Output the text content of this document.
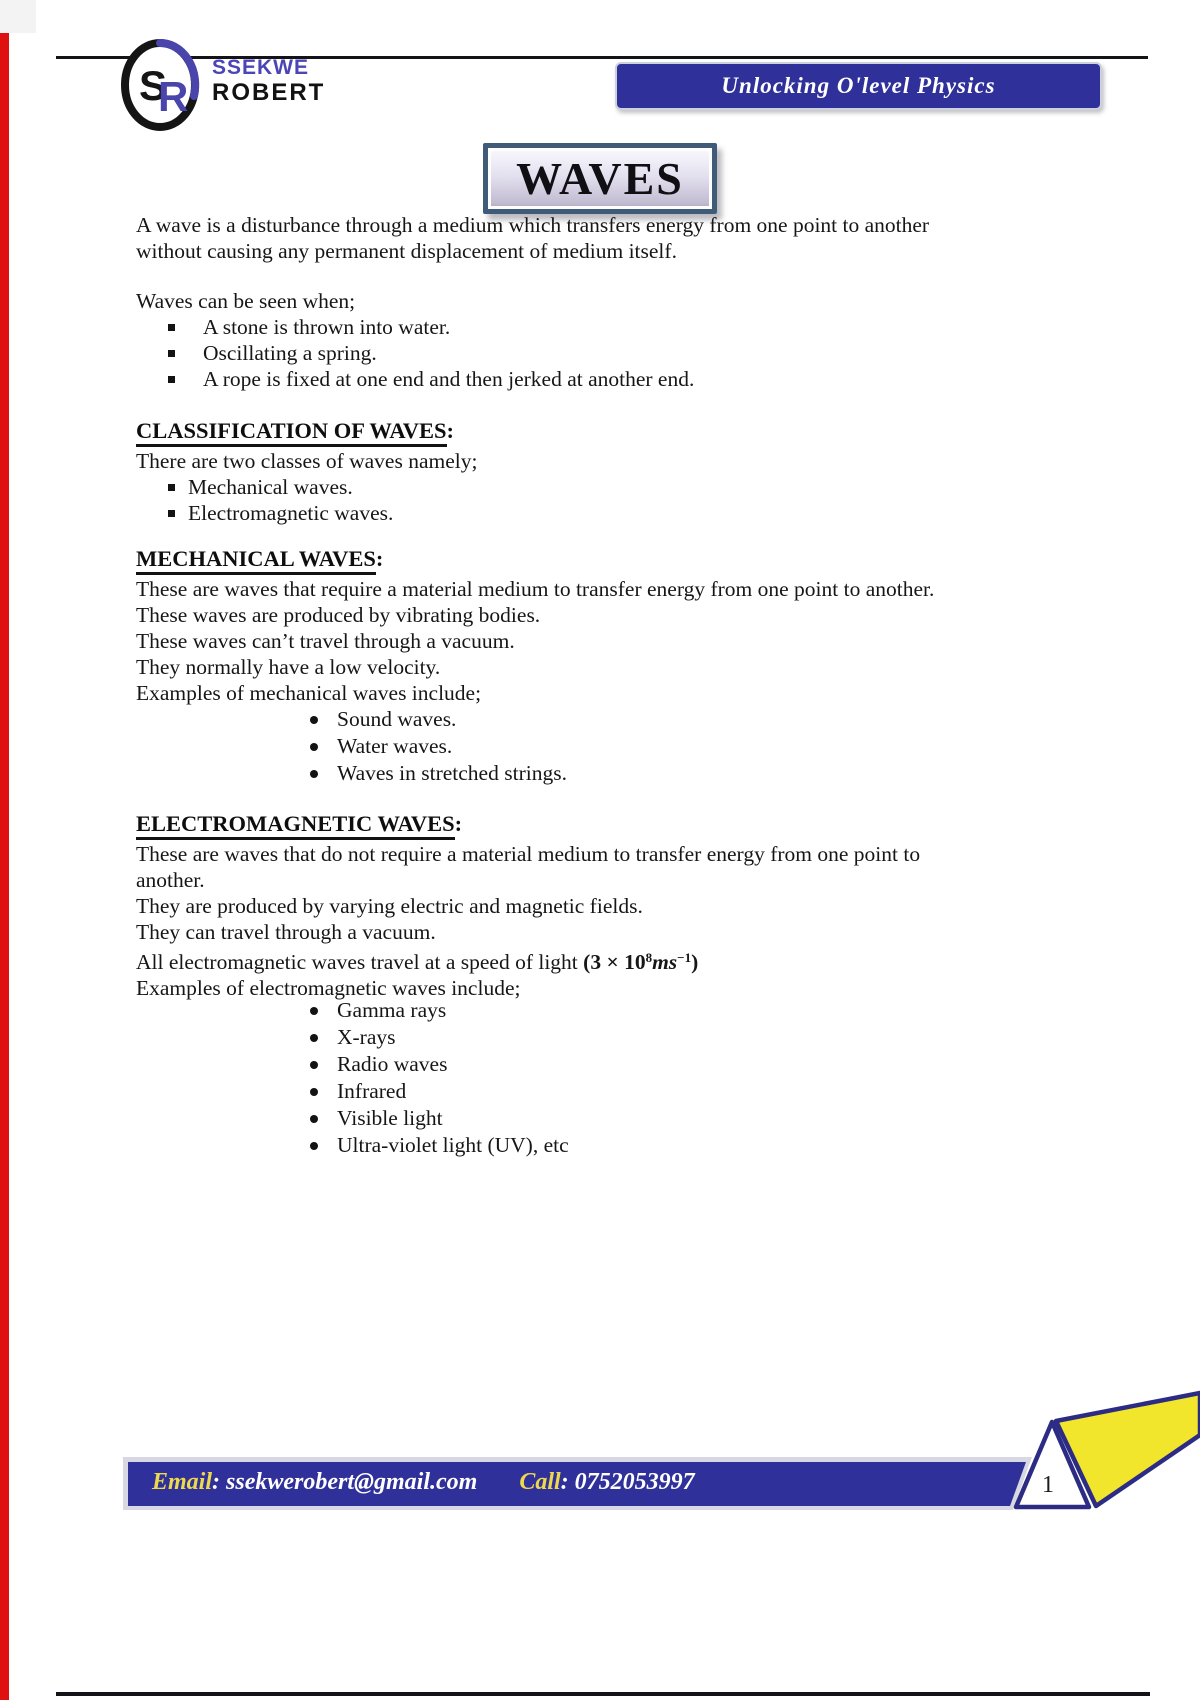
S
R
SSEKWE
ROBERT	Unlocking O'level Physics
WAVES
A wave is a disturbance through a medium which transfers energy from one point to another
without causing any permanent displacement of medium itself.
Waves can be seen when;
A stone is thrown into water.
Oscillating a spring.
A rope is fixed at one end and then jerked at another end.
CLASSIFICATION OF WAVES:
There are two classes of waves namely;
Mechanical waves.
Electromagnetic waves.
MECHANICAL WAVES:
These are waves that require a material medium to transfer energy from one point to another.
These waves are produced by vibrating bodies.
These waves can’t travel through a vacuum.
They normally have a low velocity.
Examples of mechanical waves include;
Sound waves.
Water waves.
Waves in stretched strings.
ELECTROMAGNETIC WAVES:
These are waves that do not require a material medium to transfer energy from one point to
another.
They are produced by varying electric and magnetic fields.
They can travel through a vacuum.
All electromagnetic waves travel at a speed of light $(3 \times 10^8ms^{-1})$
Examples of electromagnetic waves include;
Gamma rays
X-rays
Radio waves
Infrared
Visible light
Ultra-violet light (UV), etc
Email: ssekwerobert@gmail.com Call: 0752053997	1
